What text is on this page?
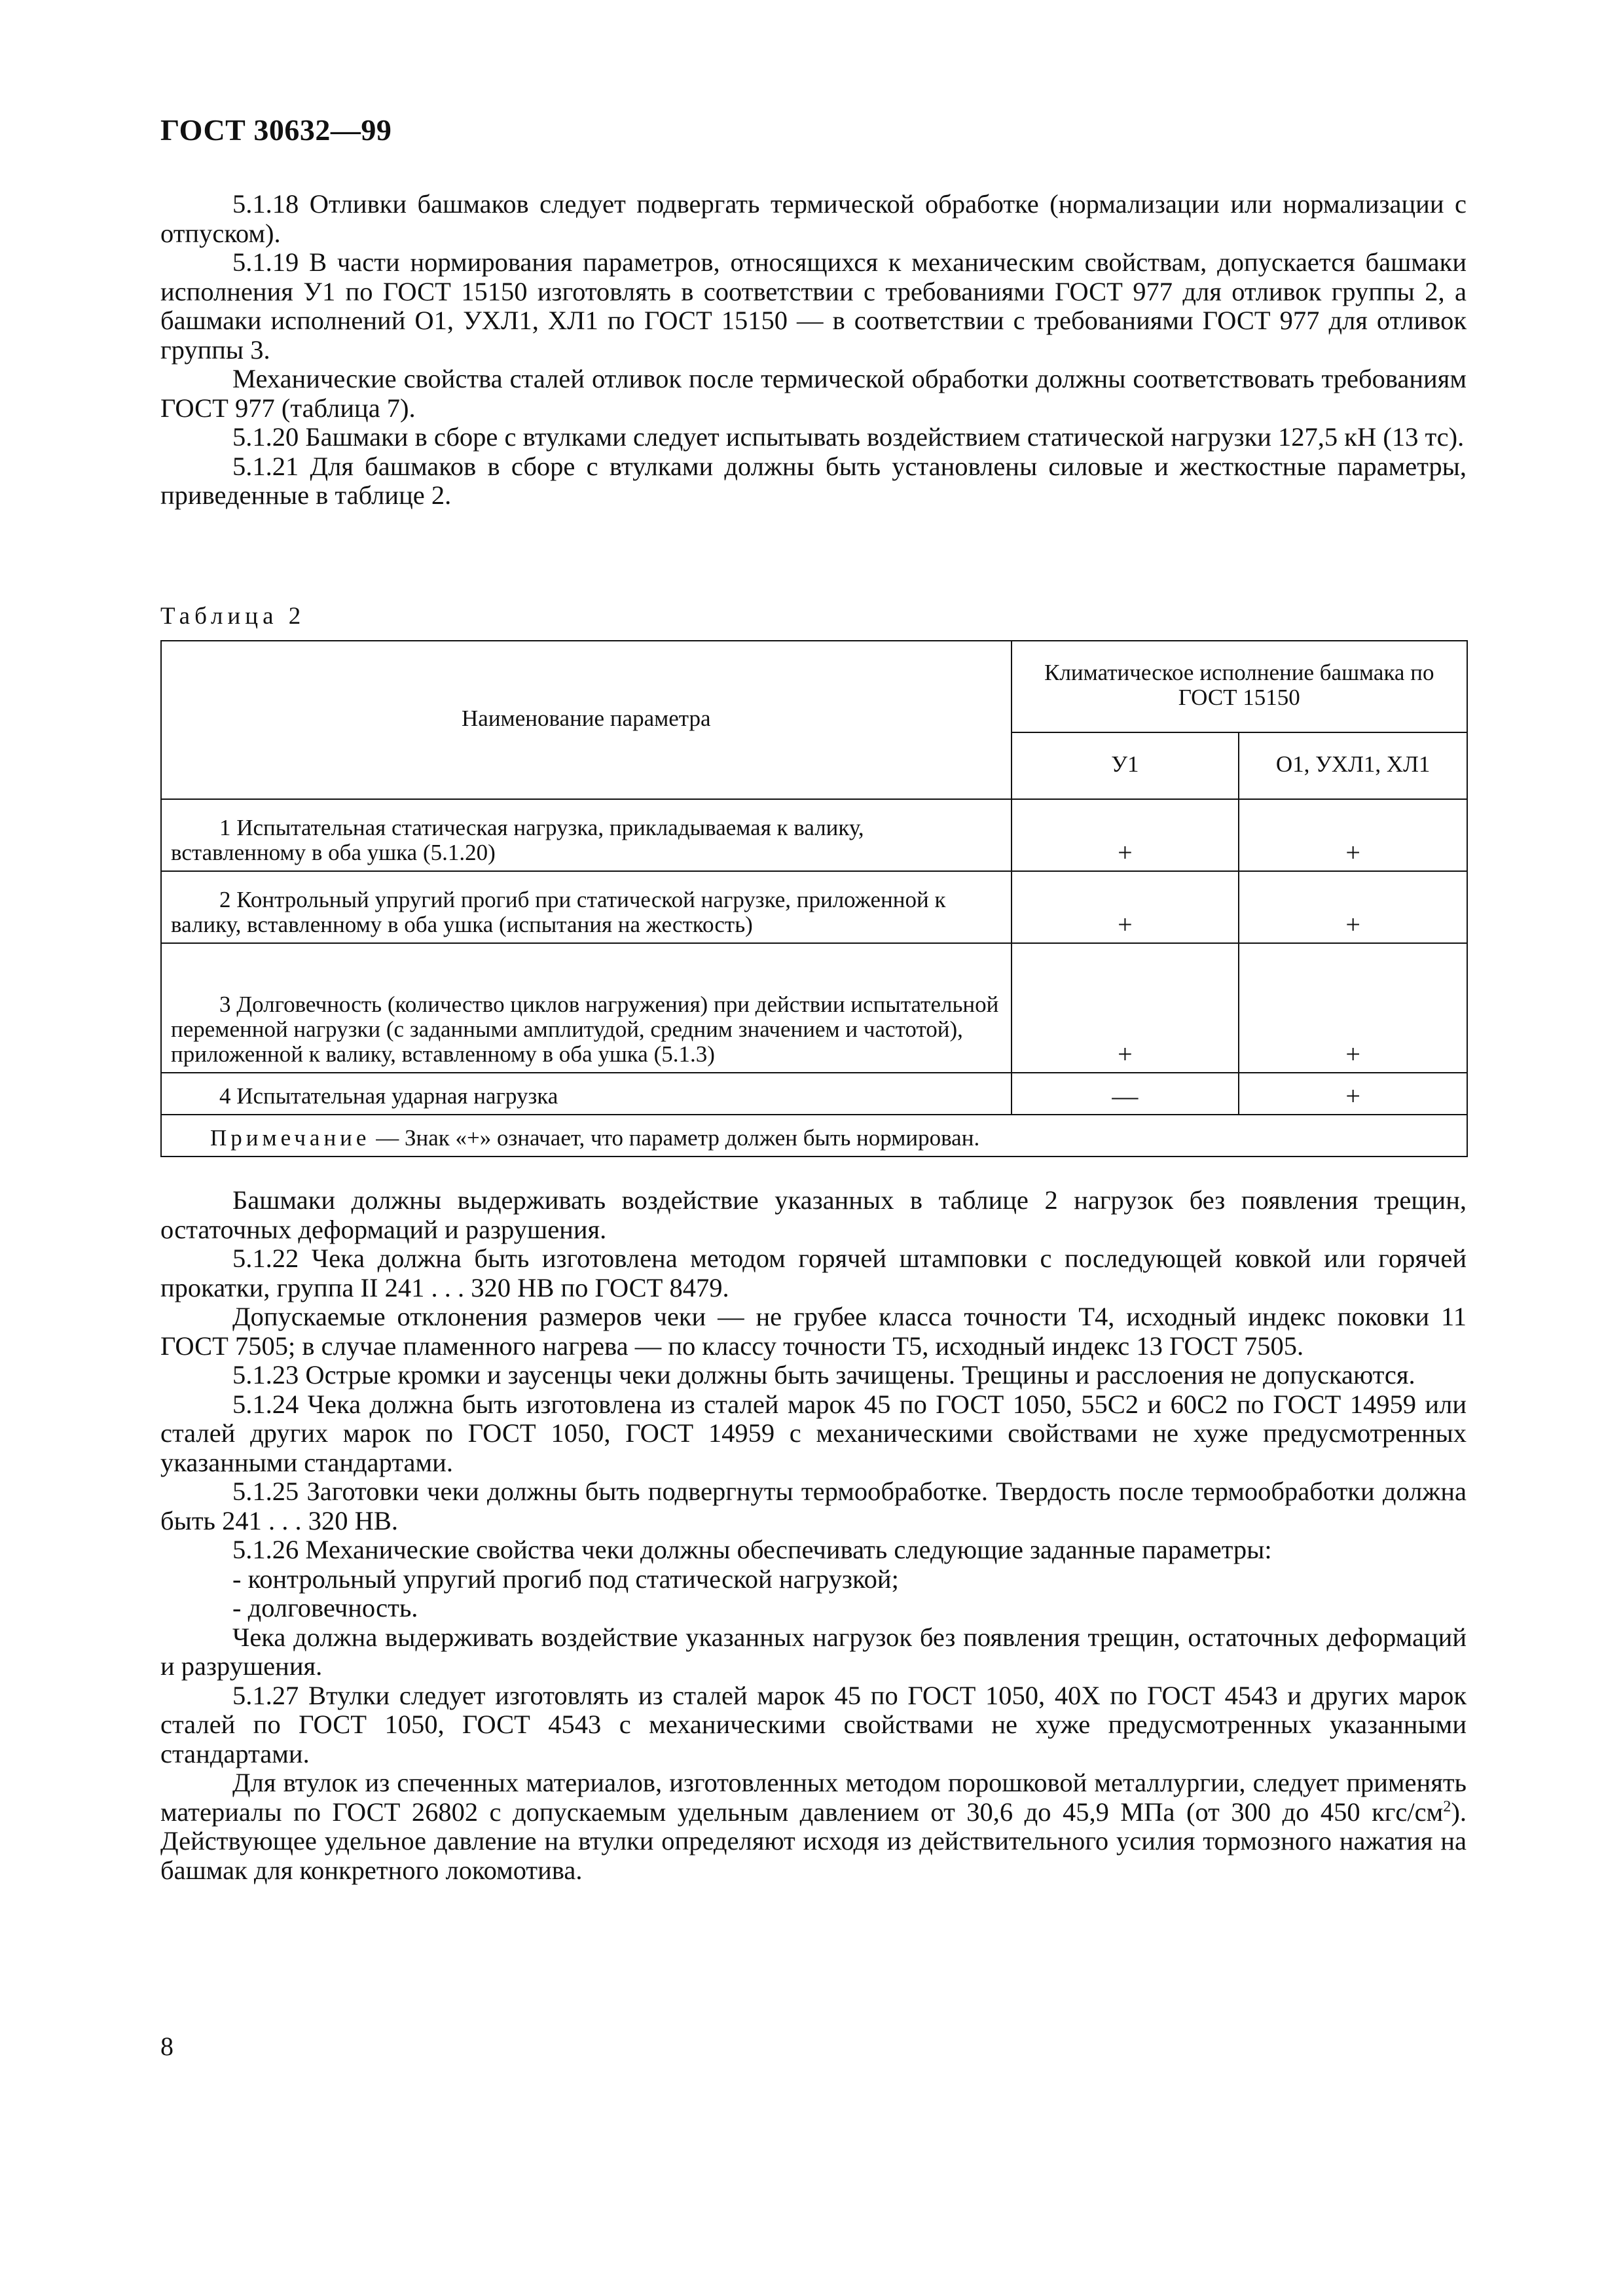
ГОСТ 30632—99

5.1.18 Отливки башмаков следует подвергать термической обработке (нормализации или нормализации с отпуском).

5.1.19 В части нормирования параметров, относящихся к механическим свойствам, допускается башмаки исполнения У1 по ГОСТ 15150 изготовлять в соответствии с требованиями ГОСТ 977 для отливок группы 2, а башмаки исполнений О1, УХЛ1, ХЛ1 по ГОСТ 15150 — в соответствии с требованиями ГОСТ 977 для отливок группы 3.

Механические свойства сталей отливок после термической обработки должны соответствовать требованиям ГОСТ 977 (таблица 7).

5.1.20 Башмаки в сборе с втулками следует испытывать воздействием статической нагрузки 127,5 кН (13 тс).

5.1.21 Для башмаков в сборе с втулками должны быть установлены силовые и жесткостные параметры, приведенные в таблице 2.

Таблица 2
Наименование параметра	Климатическое исполнение башмака по ГОСТ 15150	
	У1	О1, УХЛ1, ХЛ1

1 Испытательная статическая нагрузка, прикладываемая к валику, вставленному в оба ушка (5.1.20)	+	+

2 Контрольный упругий прогиб при статической нагрузке, приложенной к валику, вставленному в оба ушка (испытания на жесткость)	+	+

3 Долговечность (количество циклов нагружения) при действии испытательной переменной нагрузки (с заданными амплитудой, средним значением и частотой), приложенной к валику, вставленному в оба ушка (5.1.3)	+	+

4 Испытательная ударная нагрузка	—	+
Примечание — Знак «+» означает, что параметр должен быть нормирован.		

Башмаки должны выдерживать воздействие указанных в таблице 2 нагрузок без появления трещин, остаточных деформаций и разрушения.

5.1.22 Чека должна быть изготовлена методом горячей штамповки с последующей ковкой или горячей прокатки, группа II 241 . . . 320 НВ по ГОСТ 8479.

Допускаемые отклонения размеров чеки — не грубее класса точности Т4, исходный индекс поковки 11 ГОСТ 7505; в случае пламенного нагрева — по классу точности Т5, исходный индекс 13 ГОСТ 7505.

5.1.23 Острые кромки и заусенцы чеки должны быть зачищены. Трещины и расслоения не допускаются.

5.1.24 Чека должна быть изготовлена из сталей марок 45 по ГОСТ 1050, 55С2 и 60С2 по ГОСТ 14959 или сталей других марок по ГОСТ 1050, ГОСТ 14959 с механическими свойствами не хуже предусмотренных указанными стандартами.

5.1.25 Заготовки чеки должны быть подвергнуты термообработке. Твердость после термообработки должна быть 241 . . . 320 НВ.

5.1.26 Механические свойства чеки должны обеспечивать следующие заданные параметры:

- контрольный упругий прогиб под статической нагрузкой;

- долговечность.

Чека должна выдерживать воздействие указанных нагрузок без появления трещин, остаточных деформаций и разрушения.

5.1.27 Втулки следует изготовлять из сталей марок 45 по ГОСТ 1050, 40Х по ГОСТ 4543 и других марок сталей по ГОСТ 1050, ГОСТ 4543 с механическими свойствами не хуже предусмотренных указанными стандартами.

Для втулок из спеченных материалов, изготовленных методом порошковой металлургии, следует применять материалы по ГОСТ 26802 с допускаемым удельным давлением от 30,6 до 45,9 МПа (от 300 до 450 кгс/$см^2$). Действующее удельное давление на втулки определяют исходя из действительного усилия тормозного нажатия на башмак для конкретного локомотива.

8
